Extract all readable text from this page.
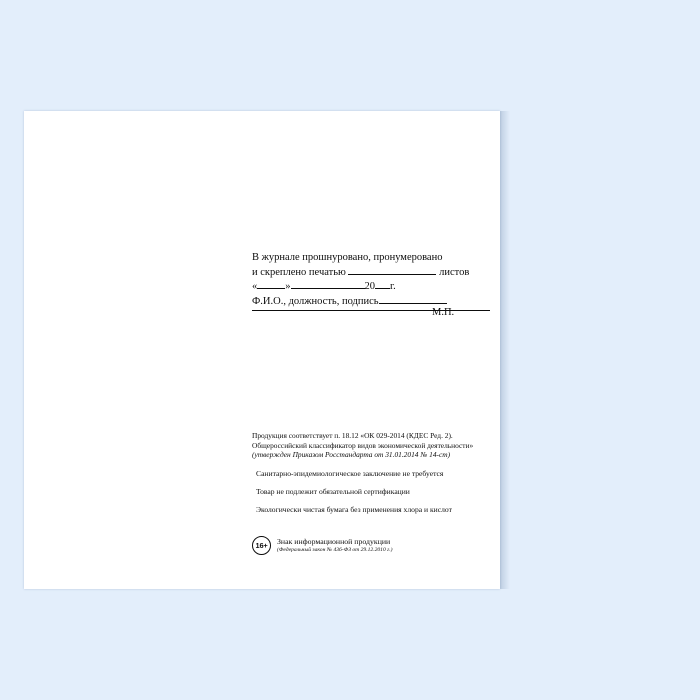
В журнале прошнуровано, пронумеровано
и скреплено печатью	листов
«	»	20 г.
Ф.И.О., должность, подпись
М.П.
Продукция соответствует п. 18.12 «ОК 029-2014 (КДЕС Ред. 2).
Общероссийский классификатор видов экономической деятельности»
(утвержден Приказом Росстандарта от 31.01.2014 № 14-ст)
Санитарно-эпидемиологическое заключение не требуется
Товар не подлежит обязательной сертификации
Экологически чистая бумага без применения хлора и кислот
16+	Знак информационной продукции
(Федеральный закон № 436-ФЗ от 29.12.2010 г.)
